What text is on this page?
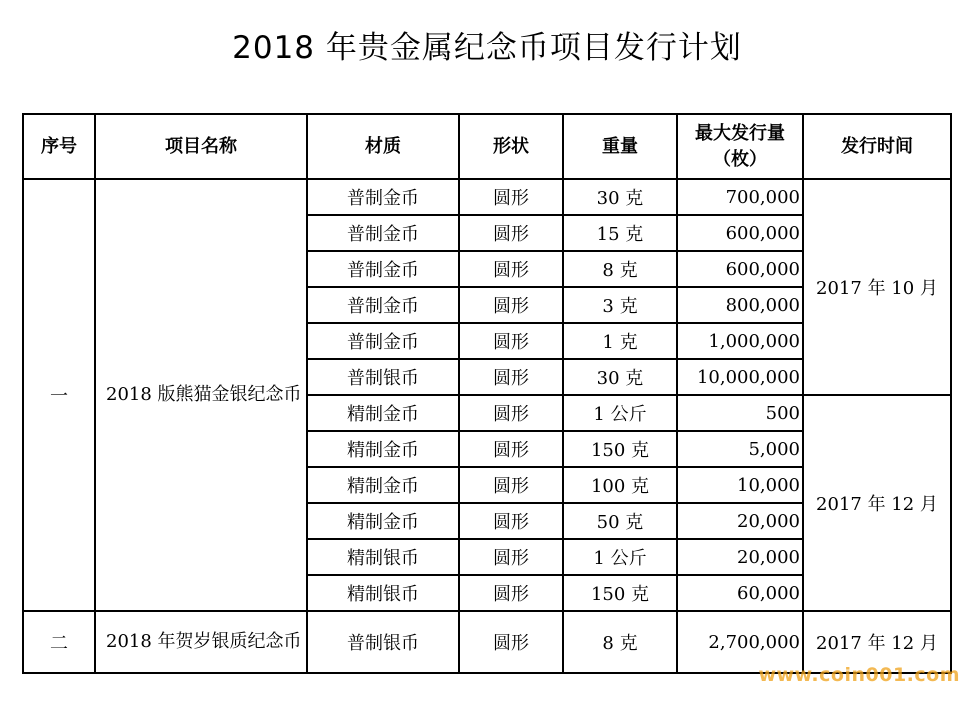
2018 年贵金属纪念币项目发行计划
序号	项目名称	材质	形状	重量	最大发行量（枚）	发行时间
一	2018 版熊猫金银纪念币	普制金币	圆形	30 克	700,000	2017 年 10 月
		普制金币	圆形	15 克	600,000	
		普制金币	圆形	8 克	600,000	
		普制金币	圆形	3 克	800,000	
		普制金币	圆形	1 克	1,000,000	
		普制银币	圆形	30 克	10,000,000	
		精制金币	圆形	1 公斤	500	2017 年 12 月
		精制金币	圆形	150 克	5,000	
		精制金币	圆形	100 克	10,000	
		精制金币	圆形	50 克	20,000	
		精制银币	圆形	1 公斤	20,000	
		精制银币	圆形	150 克	60,000	
二	2018 年贺岁银质纪念币	普制银币	圆形	8 克	2,700,000	2017 年 12 月
www.coin001.com
